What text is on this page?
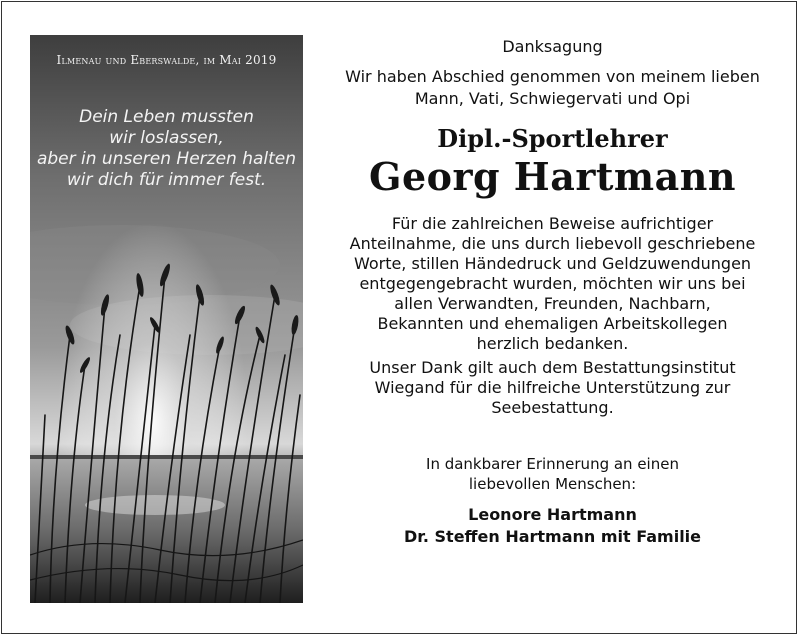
Ilmenau und Eberswalde, im Mai 2019
Dein Leben mussten
wir loslassen,
aber in unseren Herzen halten
wir dich für immer fest.
Danksagung
Wir haben Abschied genommen von meinem lieben
Mann, Vati, Schwiegervati und Opi
Dipl.-Sportlehrer
Georg Hartmann
Für die zahlreichen Beweise aufrichtiger
Anteilnahme, die uns durch liebevoll geschriebene
Worte, stillen Händedruck und Geldzuwendungen
entgegengebracht wurden, möchten wir uns bei
allen Verwandten, Freunden, Nachbarn,
Bekannten und ehemaligen Arbeitskollegen
herzlich bedanken.
Unser Dank gilt auch dem Bestattungsinstitut
Wiegand für die hilfreiche Unterstützung zur
Seebestattung.
In dankbarer Erinnerung an einen
liebevollen Menschen:
Leonore Hartmann
Dr. Steffen Hartmann mit Familie
